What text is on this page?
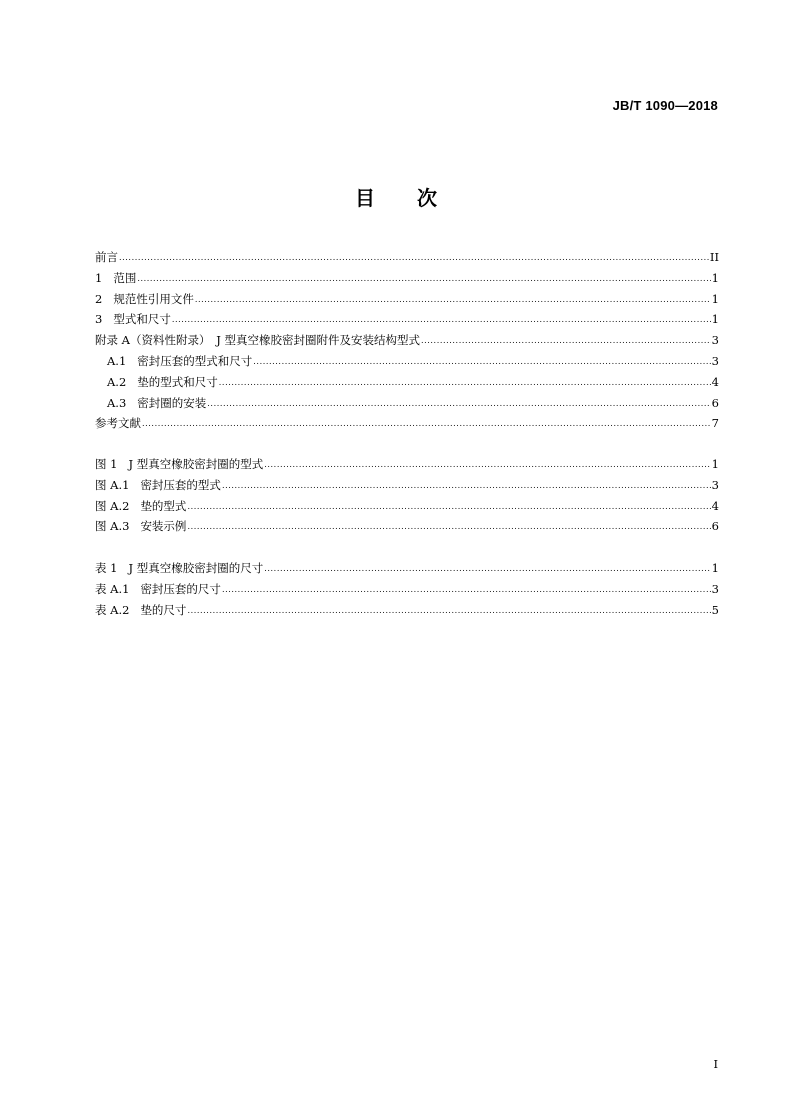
JB/T 1090—2018
目 次
前言 .....	II
1 范围 .....	1
2 规范性引用文件 .....	1
3 型式和尺寸 .....	1
附录 A（资料性附录）　J 型真空橡胶密封圈附件及安装结构型式 .....	3
A.1 密封压套的型式和尺寸 .....	3
A.2 垫的型式和尺寸 .....	4
A.3 密封圈的安装 .....	6
参考文献 .....	7
图 1 J 型真空橡胶密封圈的型式 .....	1
图 A.1 密封压套的型式 .....	3
图 A.2 垫的型式 .....	4
图 A.3 安装示例 .....	6
表 1 J 型真空橡胶密封圈的尺寸 .....	1
表 A.1 密封压套的尺寸 .....	3
表 A.2 垫的尺寸 .....	5
I
